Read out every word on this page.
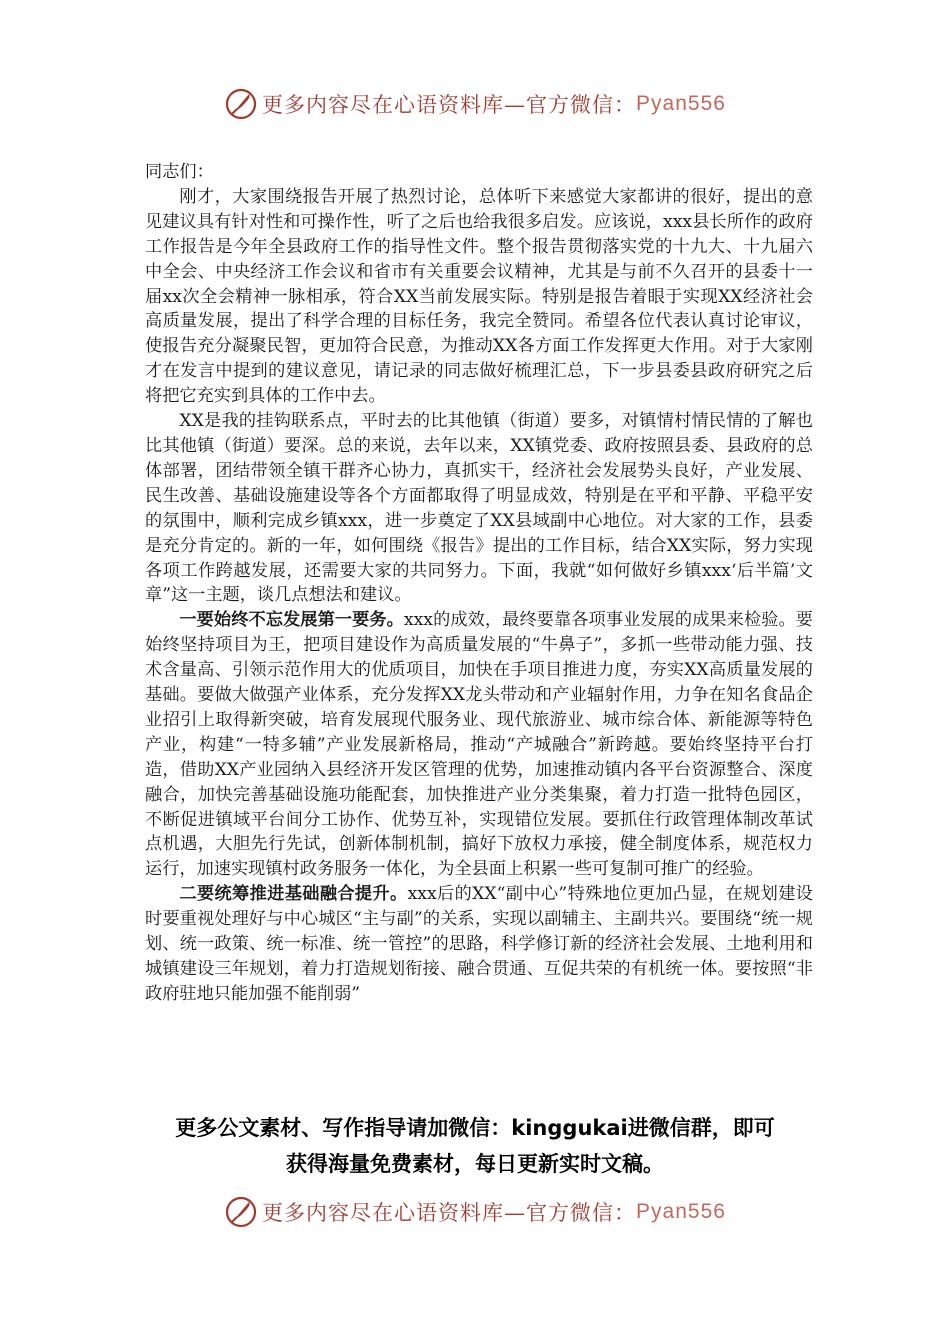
更多内容尽在心语资料库—官方微信： Pyan556

同志们：

刚才，大家围绕报告开展了热烈讨论，总体听下来感觉大家都讲的很好，提出的意见建议具有针对性和可操作性，听了之后也给我很多启发。应该说，xxx县长所作的政府工作报告是今年全县政府工作的指导性文件。整个报告贯彻落实党的十九大、十九届六中全会、中央经济工作会议和省市有关重要会议精神，尤其是与前不久召开的县委十一届xx次全会精神一脉相承，符合XX当前发展实际。特别是报告着眼于实现XX经济社会高质量发展，提出了科学合理的目标任务，我完全赞同。希望各位代表认真讨论审议，使报告充分凝聚民智，更加符合民意，为推动XX各方面工作发挥更大作用。对于大家刚才在发言中提到的建议意见，请记录的同志做好梳理汇总，下一步县委县政府研究之后将把它充实到具体的工作中去。

XX是我的挂钩联系点，平时去的比其他镇（街道）要多，对镇情村情民情的了解也比其他镇（街道）要深。总的来说，去年以来，XX镇党委、政府按照县委、县政府的总体部署，团结带领全镇干群齐心协力，真抓实干，经济社会发展势头良好，产业发展、民生改善、基础设施建设等各个方面都取得了明显成效，特别是在平和平静、平稳平安的氛围中，顺利完成乡镇xxx，进一步奠定了XX县域副中心地位。对大家的工作，县委是充分肯定的。新的一年，如何围绕《报告》提出的工作目标，结合XX实际，努力实现各项工作跨越发展，还需要大家的共同努力。下面，我就“如何做好乡镇xxx‘后半篇’文章”这一主题，谈几点想法和建议。

一要始终不忘发展第一要务。xxx的成效，最终要靠各项事业发展的成果来检验。要始终坚持项目为王，把项目建设作为高质量发展的“牛鼻子”，多抓一些带动能力强、技术含量高、引领示范作用大的优质项目，加快在手项目推进力度，夯实XX高质量发展的基础。要做大做强产业体系，充分发挥XX龙头带动和产业辐射作用，力争在知名食品企业招引上取得新突破，培育发展现代服务业、现代旅游业、城市综合体、新能源等特色产业，构建“一特多辅”产业发展新格局，推动“产城融合”新跨越。要始终坚持平台打造，借助XX产业园纳入县经济开发区管理的优势，加速推动镇内各平台资源整合、深度融合，加快完善基础设施功能配套，加快推进产业分类集聚，着力打造一批特色园区，不断促进镇域平台间分工协作、优势互补，实现错位发展。要抓住行政管理体制改革试点机遇，大胆先行先试，创新体制机制，搞好下放权力承接，健全制度体系，规范权力运行，加速实现镇村政务服务一体化，为全县面上积累一些可复制可推广的经验。

二要统筹推进基础融合提升。xxx后的XX“副中心”特殊地位更加凸显，在规划建设时要重视处理好与中心城区“主与副”的关系，实现以副辅主、主副共兴。要围绕“统一规划、统一政策、统一标准、统一管控”的思路，科学修订新的经济社会发展、土地利用和城镇建设三年规划，着力打造规划衔接、融合贯通、互促共荣的有机统一体。要按照“非政府驻地只能加强不能削弱”

更多公文素材、写作指导请加微信：kinggukai进微信群，即可
获得海量免费素材，每日更新实时文稿。
更多内容尽在心语资料库—官方微信： Pyan556
